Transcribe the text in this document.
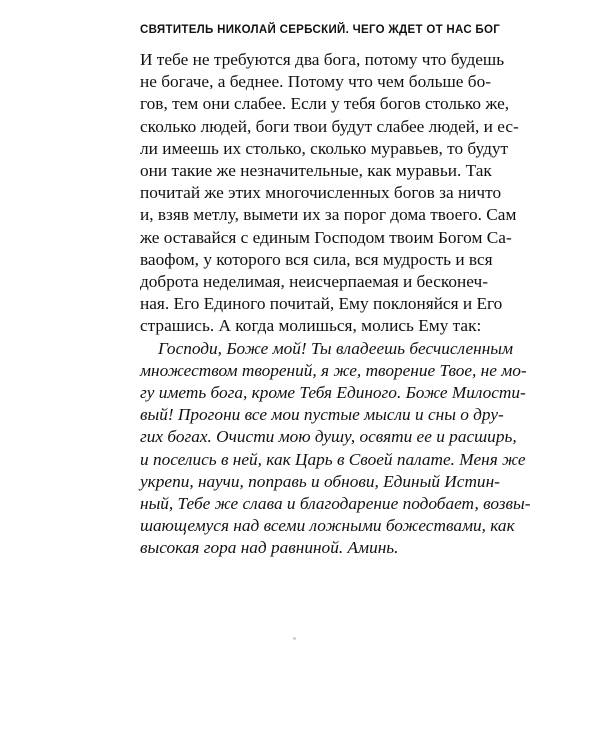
СВЯТИТЕЛЬ НИКОЛАЙ СЕРБСКИЙ. ЧЕГО ЖДЕТ ОТ НАС БОГ
И тебе не требуются два бога, потому что будешь
не богаче, а беднее. Потому что чем больше бо-
гов, тем они слабее. Если у тебя богов столько же,
сколько людей, боги твои будут слабее людей, и ес-
ли имеешь их столько, сколько муравьев, то будут
они такие же незначительные, как муравьи. Так
почитай же этих многочисленных богов за ничто
и, взяв метлу, вымети их за порог дома твоего. Сам
же оставайся с единым Господом твоим Богом Са-
ваофом, у которого вся сила, вся мудрость и вся
доброта неделимая, неисчерпаемая и бесконеч-
ная. Его Единого почитай, Ему поклоняйся и Его
страшись. А когда молишься, молись Ему так:
Господи, Боже мой! Ты владеешь бесчисленным
множеством творений, я же, творение Твое, не мо-
гу иметь бога, кроме Тебя Единого. Боже Милости-
вый! Прогони все мои пустые мысли и сны о дру-
гих богах. Очисти мою душу, освяти ее и расширь,
и поселись в ней, как Царь в Своей палате. Меня же
укрепи, научи, поправь и обнови, Единый Истин-
ный, Тебе же слава и благодарение подобает, возвы-
шающемуся над всеми ложными божествами, как
высокая гора над равниной. Аминь.
